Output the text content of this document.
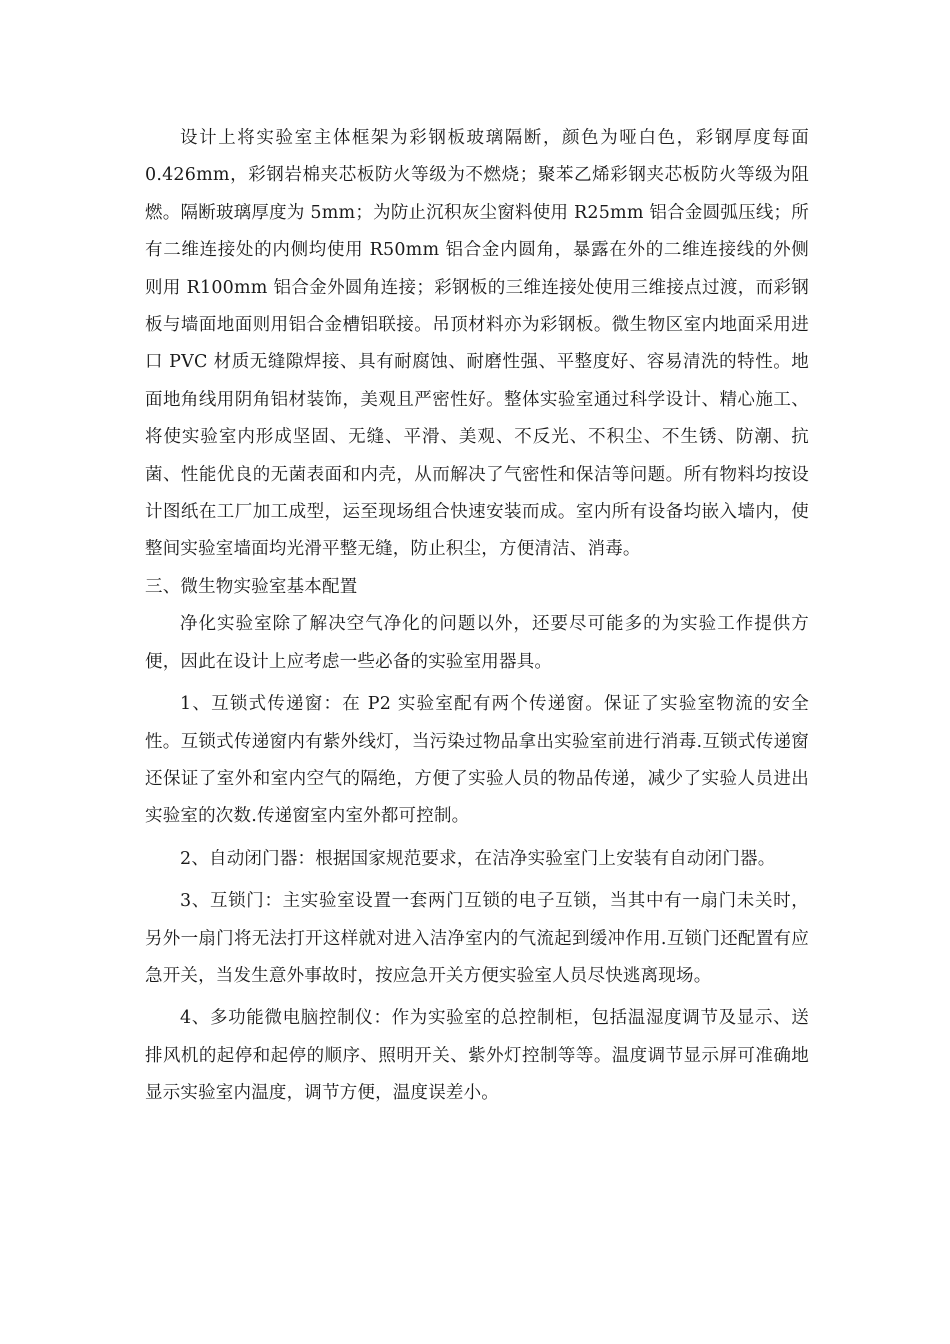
设计上将实验室主体框架为彩钢板玻璃隔断，颜色为哑白色，彩钢厚度每面0.426mm，彩钢岩棉夹芯板防火等级为不燃烧；聚苯乙烯彩钢夹芯板防火等级为阻燃。隔断玻璃厚度为 5mm；为防止沉积灰尘窗料使用 R25mm 铝合金圆弧压线；所有二维连接处的内侧均使用 R50mm 铝合金内圆角，暴露在外的二维连接线的外侧则用 R100mm 铝合金外圆角连接；彩钢板的三维连接处使用三维接点过渡，而彩钢板与墙面地面则用铝合金槽铝联接。吊顶材料亦为彩钢板。微生物区室内地面采用进口 PVC 材质无缝隙焊接、具有耐腐蚀、耐磨性强、平整度好、容易清洗的特性。地面地角线用阴角铝材装饰，美观且严密性好。整体实验室通过科学设计、精心施工、将使实验室内形成坚固、无缝、平滑、美观、不反光、不积尘、不生锈、防潮、抗菌、性能优良的无菌表面和内壳，从而解决了气密性和保洁等问题。所有物料均按设计图纸在工厂加工成型，运至现场组合快速安装而成。室内所有设备均嵌入墙内，使整间实验室墙面均光滑平整无缝，防止积尘，方便清洁、消毒。

三、微生物实验室基本配置

净化实验室除了解决空气净化的问题以外，还要尽可能多的为实验工作提供方便，因此在设计上应考虑一些必备的实验室用器具。

1、互锁式传递窗：在 P2 实验室配有两个传递窗。保证了实验室物流的安全性。互锁式传递窗内有紫外线灯，当污染过物品拿出实验室前进行消毒.互锁式传递窗还保证了室外和室内空气的隔绝，方便了实验人员的物品传递，减少了实验人员进出实验室的次数.传递窗室内室外都可控制。

2、自动闭门器：根据国家规范要求，在洁净实验室门上安装有自动闭门器。

3、互锁门：主实验室设置一套两门互锁的电子互锁，当其中有一扇门未关时，另外一扇门将无法打开这样就对进入洁净室内的气流起到缓冲作用.互锁门还配置有应急开关，当发生意外事故时，按应急开关方便实验室人员尽快逃离现场。

4、多功能微电脑控制仪：作为实验室的总控制柜，包括温湿度调节及显示、送排风机的起停和起停的顺序、照明开关、紫外灯控制等等。温度调节显示屏可准确地显示实验室内温度，调节方便，温度误差小。
